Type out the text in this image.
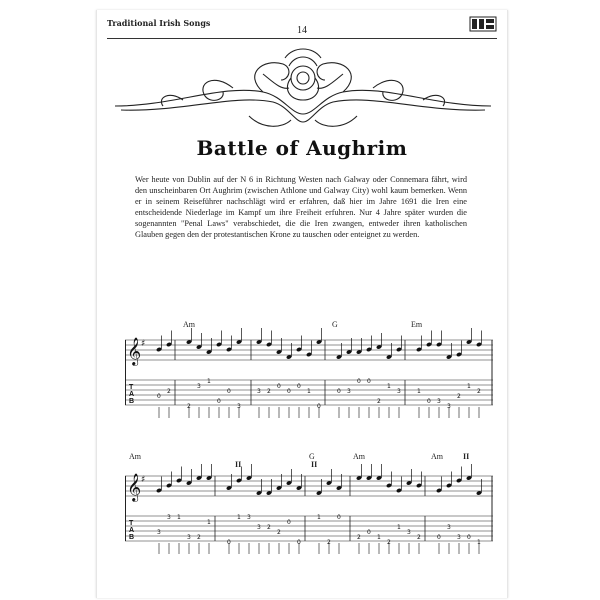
Traditional Irish Songs
14
Battle of Aughrim
Wer heute von Dublin auf der N 6 in Richtung Westen nach Galway oder Connemara fährt, wird den unscheinbaren Ort Aughrim (zwischen Athlone und Galway City) wohl kaum bemerken. Wenn er in seinem Reiseführer nachschlägt wird er erfahren, daß hier im Jahre 1691 die Iren eine entscheidende Niederlage im Kampf um ihre Freiheit erfuhren. Nur 4 Jahre später wurden die sogenannten "Penal Laws" verabschiedet, die die Iren zwangen, entweder ihren katholischen Glauben gegen den der protestantischen Krone zu tauschen oder enteignet zu werden.
Am	G	Em
𝄞 ♯
0
2
2
3
1
0
0
3
3 2
0
0
0
1
0
0 3
0 0
2
1
3	1
0 3
3
2
1
2
T
A
B
Am	G	Am	Am
II	II
II
𝄞 ♯
3
3 1
3 2
1
0
1 3
3 2
2
0
0
1
2
0
2
0
1
2
1
3
2	0
3
3 0
1
T
A
B
